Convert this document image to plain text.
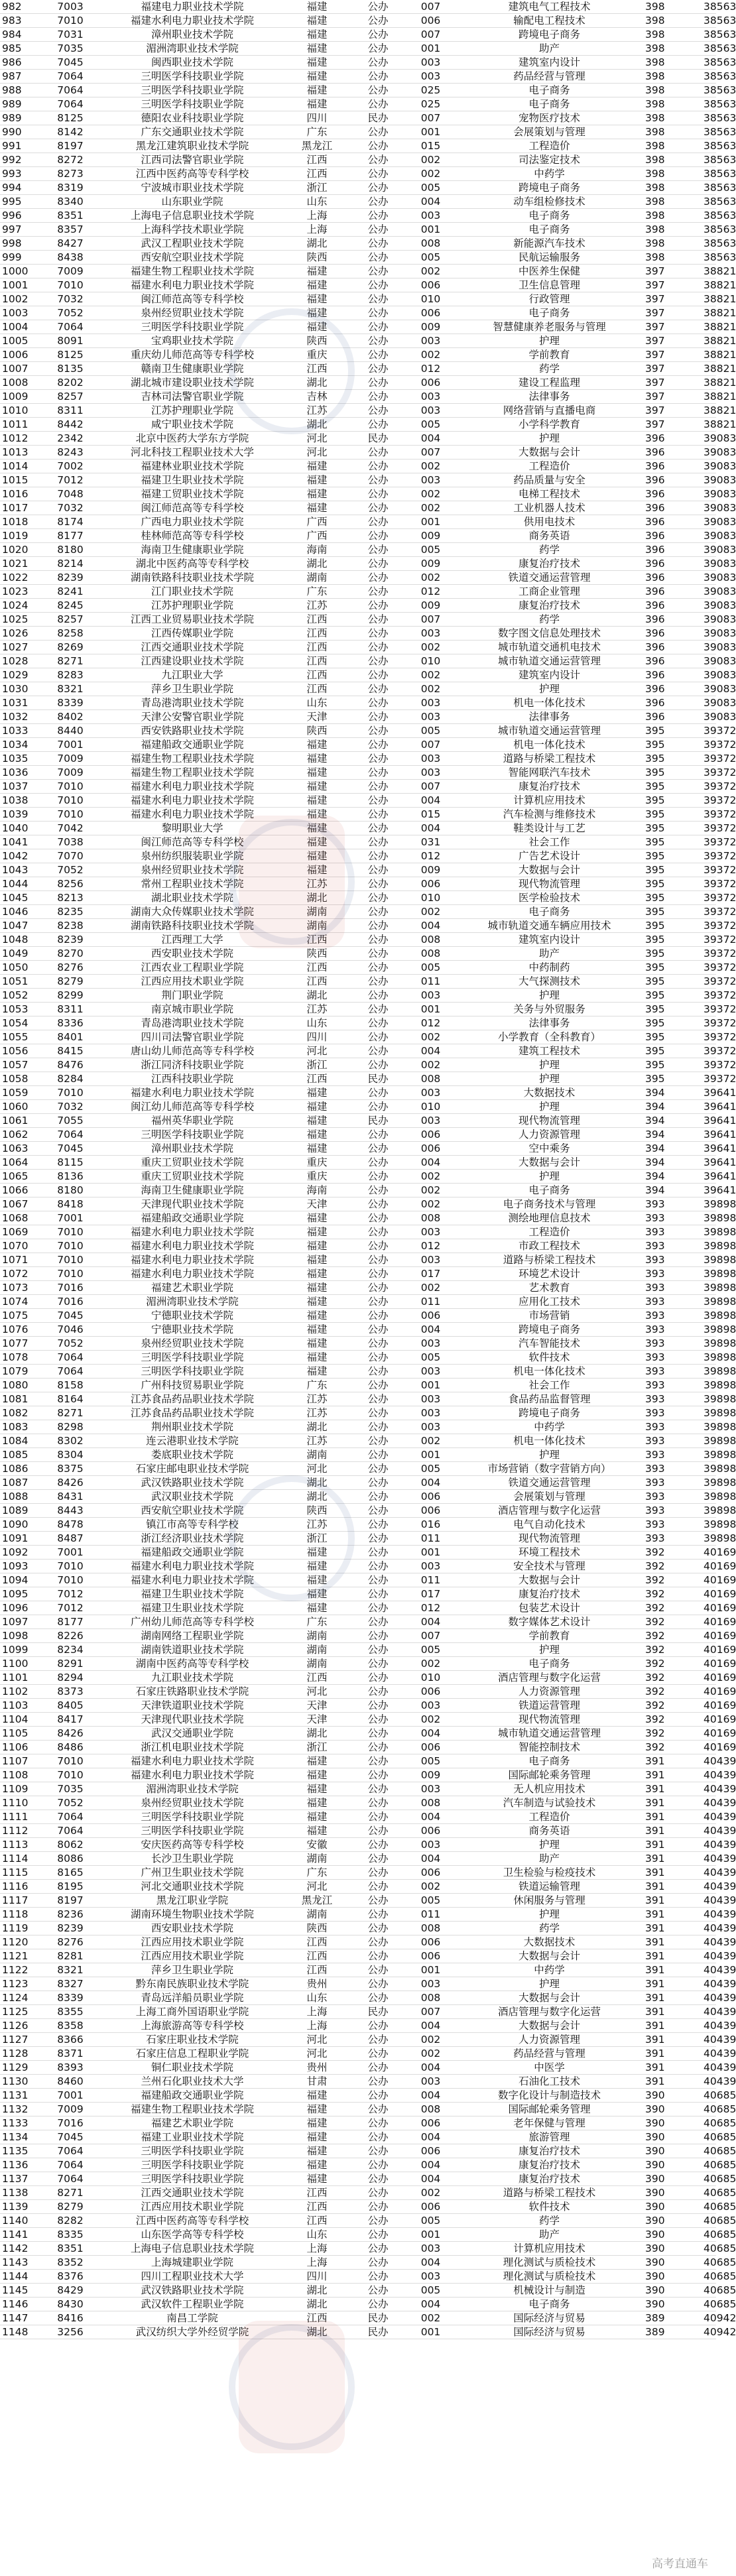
982	7003	福建电力职业技术学院	福建	公办	007	建筑电气工程技术	398	38563
983	7010	福建水利电力职业技术学院	福建	公办	006	输配电工程技术	398	38563
984	7031	漳州职业技术学院	福建	公办	007	跨境电子商务	398	38563
985	7035	湄洲湾职业技术学院	福建	公办	001	助产	398	38563
986	7045	闽西职业技术学院	福建	公办	003	建筑室内设计	398	38563
987	7064	三明医学科技职业学院	福建	公办	003	药品经营与管理	398	38563
988	7064	三明医学科技职业学院	福建	公办	025	电子商务	398	38563
989	7064	三明医学科技职业学院	福建	公办	025	电子商务	398	38563
989	8125	德阳农业科技职业学院	四川	民办	007	宠物医疗技术	398	38563
990	8142	广东交通职业技术学院	广东	公办	001	会展策划与管理	398	38563
991	8197	黑龙江建筑职业技术学院	黑龙江	公办	015	工程造价	398	38563
992	8272	江西司法警官职业学院	江西	公办	002	司法鉴定技术	398	38563
993	8273	江西中医药高等专科学校	江西	公办	002	中药学	398	38563
994	8319	宁波城市职业技术学院	浙江	公办	005	跨境电子商务	398	38563
995	8340	山东职业学院	山东	公办	004	动车组检修技术	398	38563
996	8351	上海电子信息职业技术学院	上海	公办	003	电子商务	398	38563
997	8357	上海科学技术职业学院	上海	公办	001	电子商务	398	38563
998	8427	武汉工程职业技术学院	湖北	公办	008	新能源汽车技术	398	38563
999	8438	西安航空职业技术学院	陕西	公办	005	民航运输服务	398	38563
1000	7009	福建生物工程职业技术学院	福建	公办	002	中医养生保健	397	38821
1001	7010	福建水利电力职业技术学院	福建	公办	006	卫生信息管理	397	38821
1002	7032	闽江师范高等专科学校	福建	公办	010	行政管理	397	38821
1003	7052	泉州经贸职业技术学院	福建	公办	006	电子商务	397	38821
1004	7064	三明医学科技职业学院	福建	公办	009	智慧健康养老服务与管理	397	38821
1005	8091	宝鸡职业技术学院	陕西	公办	003	护理	397	38821
1006	8125	重庆幼儿师范高等专科学校	重庆	公办	002	学前教育	397	38821
1007	8135	赣南卫生健康职业学院	江西	公办	012	药学	397	38821
1008	8202	湖北城市建设职业技术学院	湖北	公办	006	建设工程监理	397	38821
1009	8257	吉林司法警官职业学院	吉林	公办	003	法律事务	397	38821
1010	8311	江苏护理职业学院	江苏	公办	003	网络营销与直播电商	397	38821
1011	8442	咸宁职业技术学院	湖北	公办	005	小学科学教育	397	38821
1012	2342	北京中医药大学东方学院	河北	民办	004	护理	396	39083
1013	8243	河北科技工程职业技术大学	河北	公办	007	大数据与会计	396	39083
1014	7002	福建林业职业技术学院	福建	公办	002	工程造价	396	39083
1015	7012	福建卫生职业技术学院	福建	公办	003	药品质量与安全	396	39083
1016	7048	福建工贸职业技术学院	福建	公办	002	电梯工程技术	396	39083
1017	7032	闽江师范高等专科学校	福建	公办	002	工业机器人技术	396	39083
1018	8174	广西电力职业技术学院	广西	公办	001	供用电技术	396	39083
1019	8177	桂林师范高等专科学校	广西	公办	009	商务英语	396	39083
1020	8180	海南卫生健康职业学院	海南	公办	005	药学	396	39083
1021	8214	湖北中医药高等专科学校	湖北	公办	009	康复治疗技术	396	39083
1022	8239	湖南铁路科技职业技术学院	湖南	公办	002	铁道交通运营管理	396	39083
1023	8241	江门职业技术学院	广东	公办	012	工商企业管理	396	39083
1024	8245	江苏护理职业学院	江苏	公办	009	康复治疗技术	396	39083
1025	8257	江西工业贸易职业技术学院	江西	公办	007	药学	396	39083
1026	8258	江西传媒职业学院	江西	公办	003	数字图文信息处理技术	396	39083
1027	8269	江西交通职业技术学院	江西	公办	002	城市轨道交通机电技术	396	39083
1028	8271	江西建设职业技术学院	江西	公办	010	城市轨道交通运营管理	396	39083
1029	8283	九江职业大学	江西	公办	002	建筑室内设计	396	39083
1030	8321	萍乡卫生职业学院	江西	公办	002	护理	396	39083
1031	8339	青岛港湾职业技术学院	山东	公办	003	机电一体化技术	396	39083
1032	8402	天津公安警官职业学院	天津	公办	003	法律事务	396	39083
1033	8440	西安铁路职业技术学院	陕西	公办	005	城市轨道交通运营管理	395	39372
1034	7001	福建船政交通职业学院	福建	公办	007	机电一体化技术	395	39372
1035	7009	福建生物工程职业技术学院	福建	公办	003	道路与桥梁工程技术	395	39372
1036	7009	福建生物工程职业技术学院	福建	公办	003	智能网联汽车技术	395	39372
1037	7010	福建水利电力职业技术学院	福建	公办	007	康复治疗技术	395	39372
1038	7010	福建水利电力职业技术学院	福建	公办	004	计算机应用技术	395	39372
1039	7010	福建水利电力职业技术学院	福建	公办	015	汽车检测与维修技术	395	39372
1040	7042	黎明职业大学	福建	公办	004	鞋类设计与工艺	395	39372
1041	7038	闽江师范高等专科学校	福建	公办	031	社会工作	395	39372
1042	7070	泉州纺织服装职业学院	福建	公办	012	广告艺术设计	395	39372
1043	7052	泉州经贸职业技术学院	福建	公办	009	大数据与会计	395	39372
1044	8256	常州工程职业技术学院	江苏	公办	006	现代物流管理	395	39372
1045	8213	湖北职业技术学院	湖北	公办	010	医学检验技术	395	39372
1046	8235	湖南大众传媒职业技术学院	湖南	公办	002	电子商务	395	39372
1047	8238	湖南铁路科技职业技术学院	湖南	公办	004	城市轨道交通车辆应用技术	395	39372
1048	8239	江西理工大学	江西	公办	008	建筑室内设计	395	39372
1049	8270	西安职业技术学院	陕西	公办	008	助产	395	39372
1050	8276	江西农业工程职业学院	江西	公办	005	中药制药	395	39372
1051	8279	江西应用技术职业学院	江西	公办	011	大气探测技术	395	39372
1052	8299	荆门职业学院	湖北	公办	003	护理	395	39372
1053	8311	南京城市职业学院	江苏	公办	001	关务与外贸服务	395	39372
1054	8336	青岛港湾职业技术学院	山东	公办	012	法律事务	395	39372
1055	8401	四川司法警官职业学院	四川	公办	002	小学教育（全科教育）	395	39372
1056	8415	唐山幼儿师范高等专科学校	河北	公办	004	建筑工程技术	395	39372
1057	8476	浙江同济科技职业学院	浙江	公办	002	护理	395	39372
1058	8284	江西科技职业学院	江西	民办	008	护理	395	39372
1059	7010	福建水利电力职业技术学院	福建	公办	003	大数据技术	394	39641
1060	7032	闽江幼儿师范高等专科学校	福建	公办	010	护理	394	39641
1061	7055	福州英华职业学院	福建	民办	003	现代物流管理	394	39641
1062	7064	三明医学科技职业学院	福建	公办	006	人力资源管理	394	39641
1063	7045	漳州职业技术学院	福建	公办	006	空中乘务	394	39641
1064	8115	重庆工贸职业技术学院	重庆	公办	004	大数据与会计	394	39641
1065	8136	重庆工贸职业技术学院	重庆	公办	002	护理	394	39641
1066	8180	海南卫生健康职业学院	海南	公办	002	电子商务	394	39641
1067	8418	天津现代职业技术学院	天津	公办	002	电子商务技术与管理	393	39898
1068	7001	福建船政交通职业学院	福建	公办	008	测绘地理信息技术	393	39898
1069	7010	福建水利电力职业技术学院	福建	公办	003	工程造价	393	39898
1070	7010	福建水利电力职业技术学院	福建	公办	012	市政工程技术	393	39898
1071	7010	福建水利电力职业技术学院	福建	公办	003	道路与桥梁工程技术	393	39898
1072	7010	福建水利电力职业技术学院	福建	公办	017	环境艺术设计	393	39898
1073	7016	福建艺术职业学院	福建	公办	002	艺术教育	393	39898
1074	7016	湄洲湾职业技术学院	福建	公办	011	应用化工技术	393	39898
1075	7045	宁德职业技术学院	福建	公办	006	市场营销	393	39898
1076	7046	宁德职业技术学院	福建	公办	004	跨境电子商务	393	39898
1077	7052	泉州经贸职业技术学院	福建	公办	003	汽车智能技术	393	39898
1078	7064	三明医学科技职业学院	福建	公办	005	软件技术	393	39898
1079	7064	三明医学科技职业学院	福建	公办	003	机电一体化技术	393	39898
1080	8158	广州科技贸易职业学院	广东	公办	001	社会工作	393	39898
1081	8164	江苏食品药品职业技术学院	江苏	公办	003	食品药品监督管理	393	39898
1082	8271	江苏食品药品职业技术学院	江苏	公办	003	跨境电子商务	393	39898
1083	8298	荆州职业技术学院	湖北	公办	003	中药学	393	39898
1084	8302	连云港职业技术学院	江苏	公办	002	机电一体化技术	393	39898
1085	8304	娄底职业技术学院	湖南	公办	001	护理	393	39898
1086	8375	石家庄邮电职业技术学院	河北	公办	005	市场营销（数字营销方向）	393	39898
1087	8426	武汉铁路职业技术学院	湖北	公办	004	铁道交通运营管理	393	39898
1088	8431	武汉职业技术学院	湖北	公办	006	会展策划与管理	393	39898
1089	8443	西安航空职业技术学院	陕西	公办	006	酒店管理与数字化运营	393	39898
1090	8478	镇江市高等专科学校	江苏	公办	016	电气自动化技术	393	39898
1091	8487	浙江经济职业技术学院	浙江	公办	011	现代物流管理	393	39898
1092	7001	福建船政交通职业学院	福建	公办	001	环境工程技术	392	40169
1093	7010	福建水利电力职业技术学院	福建	公办	003	安全技术与管理	392	40169
1094	7010	福建水利电力职业技术学院	福建	公办	011	大数据与会计	392	40169
1095	7012	福建卫生职业技术学院	福建	公办	017	康复治疗技术	392	40169
1096	7012	福建卫生职业技术学院	福建	公办	012	包装艺术设计	392	40169
1097	8177	广州幼儿师范高等专科学校	广东	公办	004	数字媒体艺术设计	392	40169
1098	8226	湖南网络工程职业学院	湖南	公办	007	学前教育	392	40169
1099	8234	湖南铁道职业技术学院	湖南	公办	005	护理	392	40169
1100	8291	湖南中医药高等专科学校	湖南	公办	002	电子商务	392	40169
1101	8294	九江职业技术学院	江西	公办	010	酒店管理与数字化运营	392	40169
1102	8373	石家庄铁路职业技术学院	河北	公办	006	人力资源管理	392	40169
1103	8405	天津铁道职业技术学院	天津	公办	003	铁道运营管理	392	40169
1104	8417	天津现代职业技术学院	天津	公办	002	现代物流管理	392	40169
1105	8426	武汉交通职业学院	湖北	公办	004	城市轨道交通运营管理	392	40169
1106	8486	浙江机电职业技术学院	浙江	公办	006	智能控制技术	392	40169
1107	7010	福建水利电力职业技术学院	福建	公办	005	电子商务	391	40439
1108	7010	福建水利电力职业技术学院	福建	公办	009	国际邮轮乘务管理	391	40439
1109	7035	湄洲湾职业技术学院	福建	公办	003	无人机应用技术	391	40439
1110	7052	泉州经贸职业技术学院	福建	公办	008	汽车制造与试验技术	391	40439
1111	7064	三明医学科技职业学院	福建	公办	004	工程造价	391	40439
1112	7064	三明医学科技职业学院	福建	公办	006	商务英语	391	40439
1113	8062	安庆医药高等专科学校	安徽	公办	003	护理	391	40439
1114	8086	长沙卫生职业学院	湖南	公办	004	助产	391	40439
1115	8165	广州卫生职业技术学院	广东	公办	006	卫生检验与检疫技术	391	40439
1116	8195	河北交通职业技术学院	河北	公办	002	铁道运输管理	391	40439
1117	8197	黑龙江职业学院	黑龙江	公办	005	休闲服务与管理	391	40439
1118	8236	湖南环境生物职业技术学院	湖南	公办	011	护理	391	40439
1119	8239	西安职业技术学院	陕西	公办	008	药学	391	40439
1120	8276	江西应用技术职业学院	江西	公办	006	大数据技术	391	40439
1121	8281	江西应用技术职业学院	江西	公办	006	大数据与会计	391	40439
1122	8321	萍乡卫生职业学院	江西	公办	001	中药学	391	40439
1123	8327	黔东南民族职业技术学院	贵州	公办	003	护理	391	40439
1124	8339	青岛远洋船员职业学院	山东	公办	008	大数据与会计	391	40439
1125	8355	上海工商外国语职业学院	上海	民办	007	酒店管理与数字化运营	391	40439
1126	8358	上海旅游高等专科学校	上海	公办	004	大数据与会计	391	40439
1127	8366	石家庄职业技术学院	河北	公办	002	人力资源管理	391	40439
1128	8371	石家庄信息工程职业学院	河北	公办	002	药品经营与管理	391	40439
1129	8393	铜仁职业技术学院	贵州	公办	004	中医学	391	40439
1130	8460	兰州石化职业技术大学	甘肃	公办	003	石油化工技术	391	40439
1131	7001	福建船政交通职业学院	福建	公办	004	数字化设计与制造技术	390	40685
1132	7009	福建生物工程职业技术学院	福建	公办	008	国际邮轮乘务管理	390	40685
1133	7016	福建艺术职业学院	福建	公办	006	老年保健与管理	390	40685
1134	7045	福建工业职业技术学院	福建	公办	004	旅游管理	390	40685
1135	7064	三明医学科技职业学院	福建	公办	006	康复治疗技术	390	40685
1136	7064	三明医学科技职业学院	福建	公办	004	康复治疗技术	390	40685
1137	7064	三明医学科技职业学院	福建	公办	004	康复治疗技术	390	40685
1138	8271	江西交通职业技术学院	江西	公办	002	道路与桥梁工程技术	390	40685
1139	8279	江西应用技术职业学院	江西	公办	006	软件技术	390	40685
1140	8282	江西中医药高等专科学校	江西	公办	005	药学	390	40685
1141	8335	山东医学高等专科学校	山东	公办	001	助产	390	40685
1142	8351	上海电子信息职业技术学院	上海	公办	003	计算机应用技术	390	40685
1143	8352	上海城建职业学院	上海	公办	004	理化测试与质检技术	390	40685
1144	8376	四川工程职业技术大学	四川	公办	003	理化测试与质检技术	390	40685
1145	8429	武汉铁路职业技术学院	湖北	公办	005	机械设计与制造	390	40685
1146	8430	武汉软件工程职业学院	湖北	公办	004	电子商务	390	40685
1147	8416	南昌工学院	江西	民办	002	国际经济与贸易	389	40942
1148	3256	武汉纺织大学外经贸学院	湖北	民办	001	国际经济与贸易	389	40942
高考直通车
